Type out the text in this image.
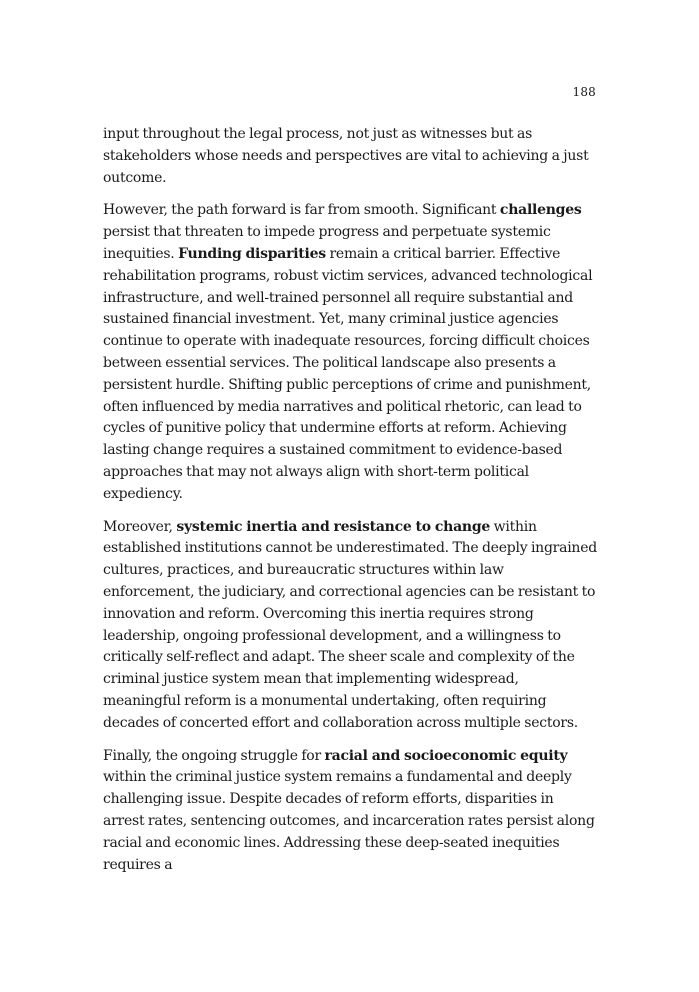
188

input throughout the legal process, not just as witnesses but as stakeholders whose needs and perspectives are vital to achieving a just outcome.

However, the path forward is far from smooth. Significant challenges persist that threaten to impede progress and perpetuate systemic inequities. Funding disparities remain a critical barrier. Effective rehabilitation programs, robust victim services, advanced technological infrastructure, and well-trained personnel all require substantial and sustained financial investment. Yet, many criminal justice agencies continue to operate with inadequate resources, forcing difficult choices between essential services. The political landscape also presents a persistent hurdle. Shifting public perceptions of crime and punishment, often influenced by media narratives and political rhetoric, can lead to cycles of punitive policy that undermine efforts at reform. Achieving lasting change requires a sustained commitment to evidence-based approaches that may not always align with short-term political expediency.

Moreover, systemic inertia and resistance to change within established institutions cannot be underestimated. The deeply ingrained cultures, practices, and bureaucratic structures within law enforcement, the judiciary, and correctional agencies can be resistant to innovation and reform. Overcoming this inertia requires strong leadership, ongoing professional development, and a willingness to critically self-reflect and adapt. The sheer scale and complexity of the criminal justice system mean that implementing widespread, meaningful reform is a monumental undertaking, often requiring decades of concerted effort and collaboration across multiple sectors.

Finally, the ongoing struggle for racial and socioeconomic equity within the criminal justice system remains a fundamental and deeply challenging issue. Despite decades of reform efforts, disparities in arrest rates, sentencing outcomes, and incarceration rates persist along racial and economic lines. Addressing these deep-seated inequities requires a
